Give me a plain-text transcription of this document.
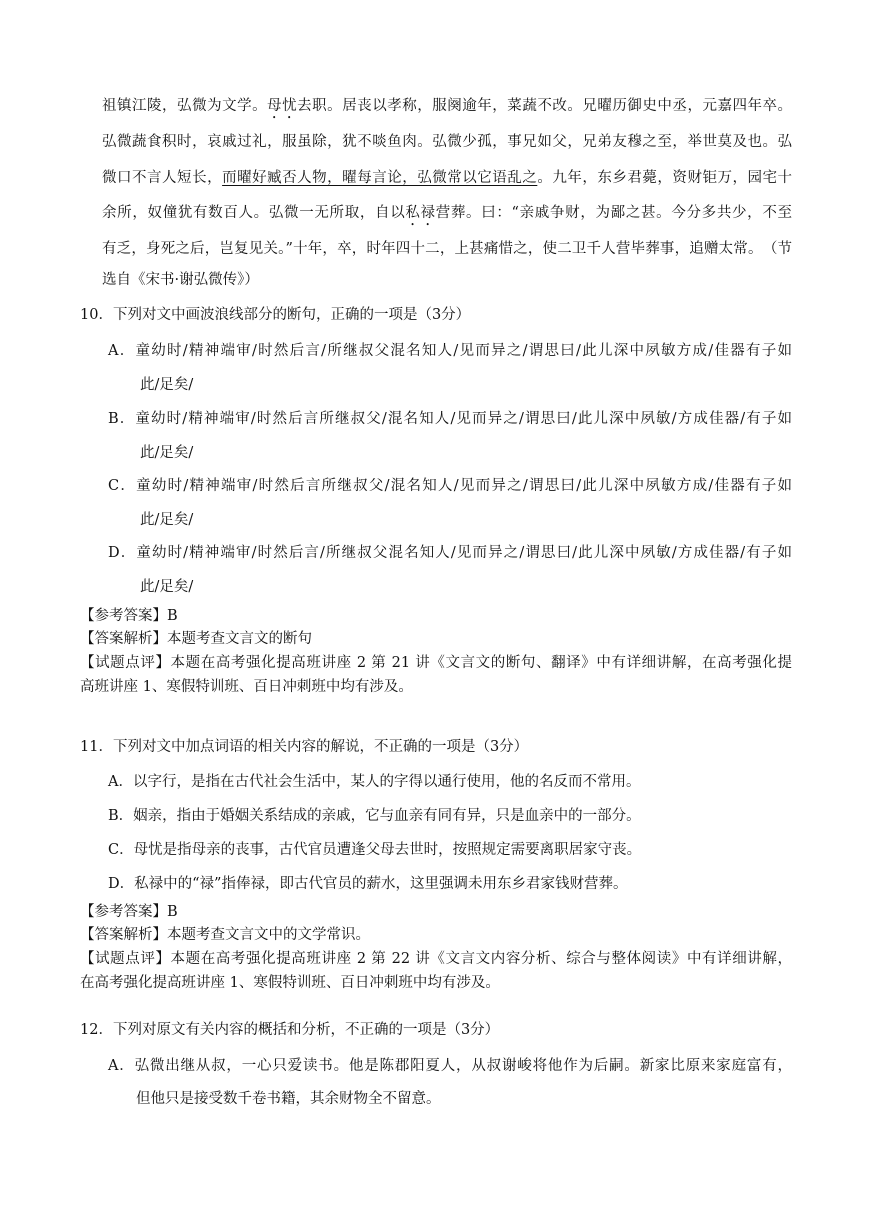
祖镇江陵，弘微为文学。母忧去职。居丧以孝称，服阕逾年，菜蔬不改。兄曜历御史中丞，元嘉四年卒。
弘微蔬食积时，哀戚过礼，服虽除，犹不啖鱼肉。弘微少孤，事兄如父，兄弟友穆之至，举世莫及也。弘
微口不言人短长，而曜好臧否人物，曜每言论，弘微常以它语乱之。九年，东乡君薨，资财钜万，园宅十
余所，奴僮犹有数百人。弘微一无所取，自以私禄营葬。曰：“亲戚争财，为鄙之甚。今分多共少，不至
有乏，身死之后，岂复见关。”十年，卒，时年四十二，上甚痛惜之，使二卫千人营毕葬事，追赠太常。　（节
选自《宋书·谢弘微传》）
10．下列对文中画波浪线部分的断句，正确的一项是（3分）
A．童幼时/精神端审/时然后言/所继叔父混名知人/见而异之/谓思曰/此儿深中夙敏方成/佳器有子如
此/足矣/
B．童幼时/精神端审/时然后言所继叔父/混名知人/见而异之/谓思曰/此儿深中夙敏/方成佳器/有子如
此/足矣/
C．童幼时/精神端审/时然后言所继叔父/混名知人/见而异之/谓思曰/此儿深中夙敏方成/佳器有子如
此/足矣/
D．童幼时/精神端审/时然后言/所继叔父混名知人/见而异之/谓思曰/此儿深中夙敏/方成佳器/有子如
此/足矣/
【参考答案】B
【答案解析】本题考查文言文的断句
【试题点评】本题在高考强化提高班讲座 2 第 21 讲《文言文的断句、翻译》中有详细讲解，在高考强化提
高班讲座 1、寒假特训班、百日冲刺班中均有涉及。
11．下列对文中加点词语的相关内容的解说，不正确的一项是（3分）
A．以字行，是指在古代社会生活中，某人的字得以通行使用，他的名反而不常用。
B．姻亲，指由于婚姻关系结成的亲戚，它与血亲有同有异，只是血亲中的一部分。
C．母忧是指母亲的丧事，古代官员遭逢父母去世时，按照规定需要离职居家守丧。
D．私禄中的“禄”指俸禄，即古代官员的薪水，这里强调未用东乡君家钱财营葬。
【参考答案】B
【答案解析】本题考查文言文中的文学常识。
【试题点评】本题在高考强化提高班讲座 2 第 22 讲《文言文内容分析、综合与整体阅读》中有详细讲解，
在高考强化提高班讲座 1、寒假特训班、百日冲刺班中均有涉及。
12．下列对原文有关内容的概括和分析，不正确的一项是（3分）
A．弘微出继从叔，一心只爱读书。他是陈郡阳夏人，从叔谢峻将他作为后嗣。新家比原来家庭富有，
但他只是接受数千卷书籍，其余财物全不留意。
